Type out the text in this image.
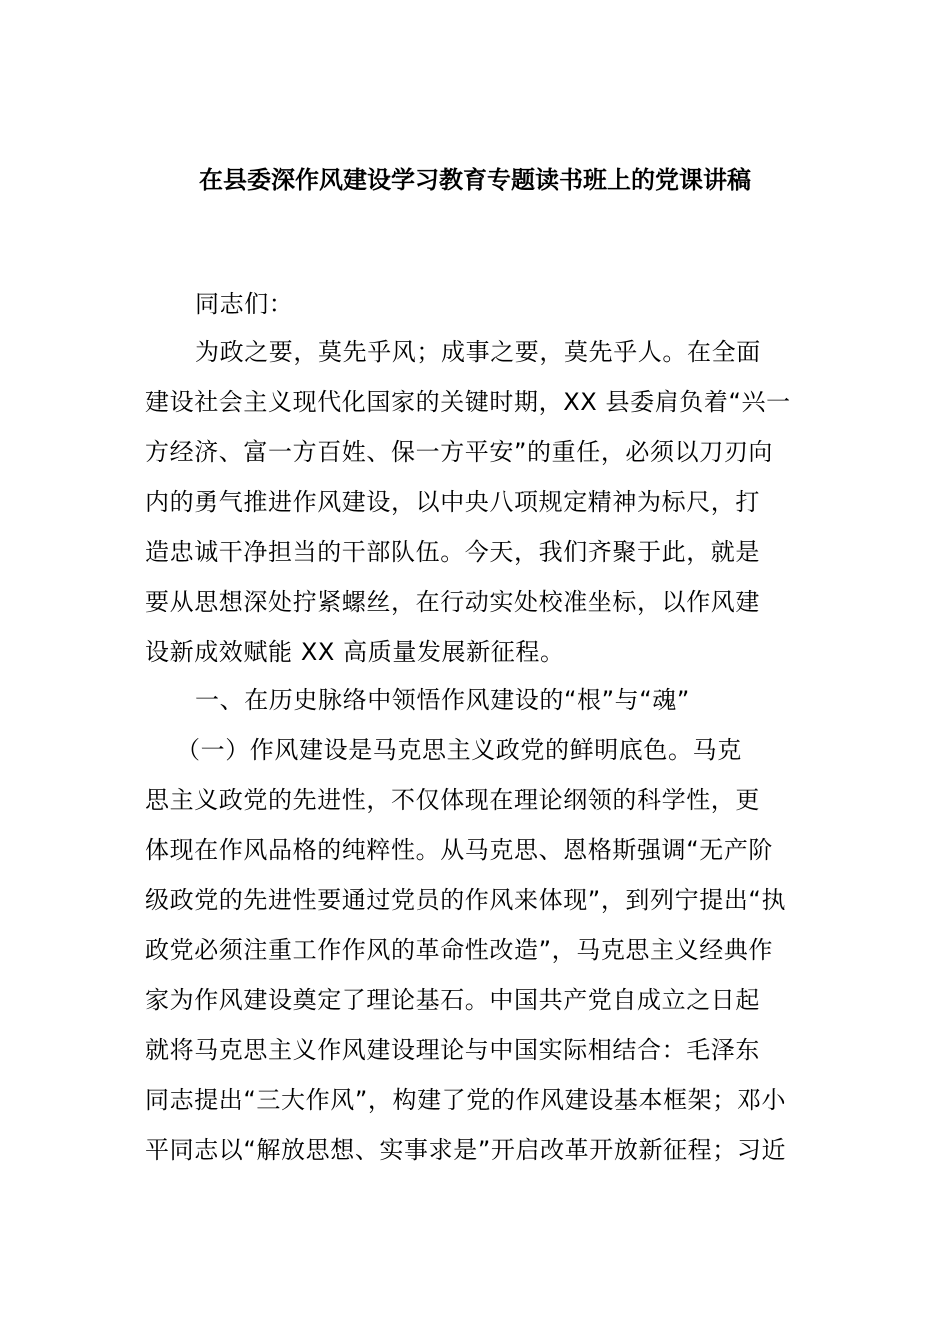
在县委深作风建设学习教育专题读书班上的党课讲稿
同志们：
为政之要，莫先乎风；成事之要，莫先乎人。在全面
建设社会主义现代化国家的关键时期，XX 县委肩负着“兴一
方经济、富一方百姓、保一方平安”的重任，必须以刀刃向
内的勇气推进作风建设，以中央八项规定精神为标尺，打
造忠诚干净担当的干部队伍。今天，我们齐聚于此，就是
要从思想深处拧紧螺丝，在行动实处校准坐标，以作风建
设新成效赋能 XX 高质量发展新征程。
一、在历史脉络中领悟作风建设的“根”与“魂”
（一）作风建设是马克思主义政党的鲜明底色。马克
思主义政党的先进性，不仅体现在理论纲领的科学性，更
体现在作风品格的纯粹性。从马克思、恩格斯强调“无产阶
级政党的先进性要通过党员的作风来体现”，到列宁提出“执
政党必须注重工作作风的革命性改造”，马克思主义经典作
家为作风建设奠定了理论基石。中国共产党自成立之日起
就将马克思主义作风建设理论与中国实际相结合：毛泽东
同志提出“三大作风”，构建了党的作风建设基本框架；邓小
平同志以“解放思想、实事求是”开启改革开放新征程；习近
